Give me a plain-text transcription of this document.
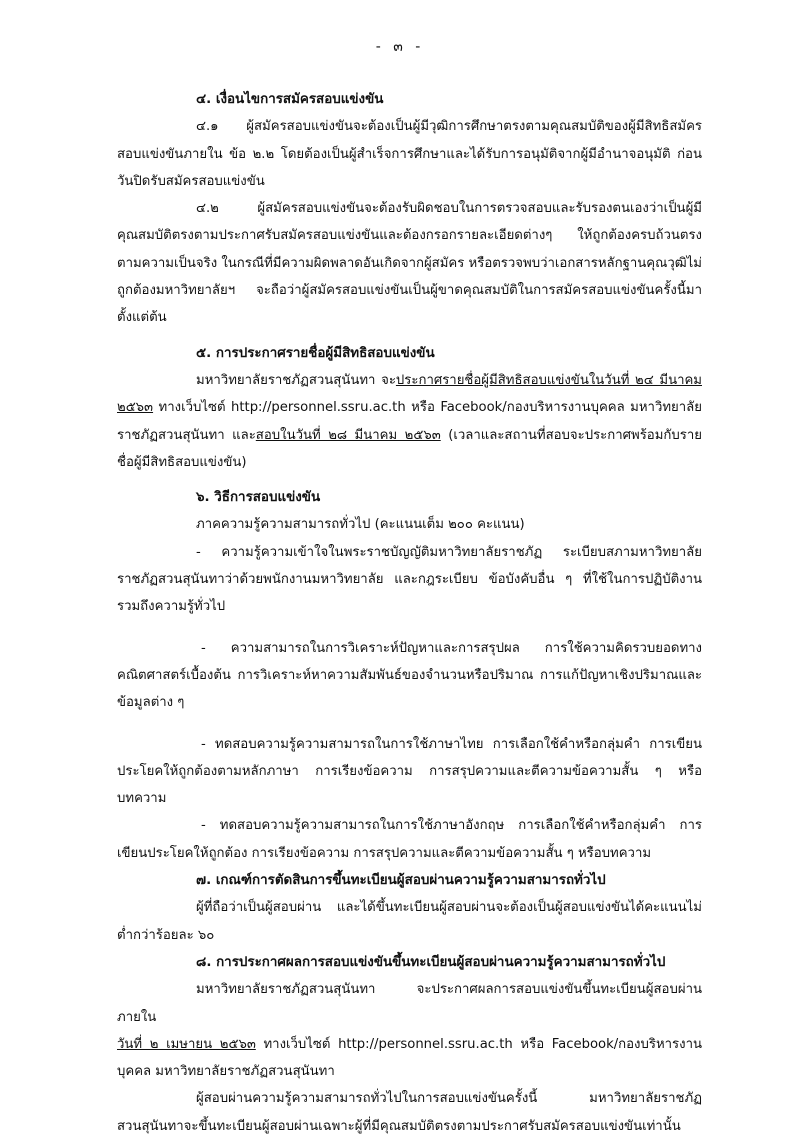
- ๓ -
๔. เงื่อนไขการสมัครสอบแข่งขัน

๔.๑ ผู้สมัครสอบแข่งขันจะต้องเป็นผู้มีวุฒิการศึกษาตรงตามคุณสมบัติของผู้มีสิทธิสมัครสอบแข่งขันภายใน ข้อ ๒.๒ โดยต้องเป็นผู้สำเร็จการศึกษาและได้รับการอนุมัติจากผู้มีอำนาจอนุมัติ ก่อนวันปิดรับสมัครสอบแข่งขัน

๔.๒ ผู้สมัครสอบแข่งขันจะต้องรับผิดชอบในการตรวจสอบและรับรองตนเองว่าเป็นผู้มีคุณสมบัติตรงตามประกาศรับสมัครสอบแข่งขันและต้องกรอกรายละเอียดต่างๆ ให้ถูกต้องครบถ้วนตรงตามความเป็นจริง ในกรณีที่มีความผิดพลาดอันเกิดจากผู้สมัคร หรือตรวจพบว่าเอกสารหลักฐานคุณวุฒิไม่ถูกต้องมหาวิทยาลัยฯ จะถือว่าผู้สมัครสอบแข่งขันเป็นผู้ขาดคุณสมบัติในการสมัครสอบแข่งขันครั้งนี้มาตั้งแต่ต้น

๕. การประกาศรายชื่อผู้มีสิทธิสอบแข่งขัน

มหาวิทยาลัยราชภัฏสวนสุนันทา จะประกาศรายชื่อผู้มีสิทธิสอบแข่งขันในวันที่ ๒๔ มีนาคม ๒๕๖๓ ทางเว็บไซต์ http://personnel.ssru.ac.th หรือ Facebook/กองบริหารงานบุคคล มหาวิทยาลัยราชภัฏสวนสุนันทา และสอบในวันที่ ๒๘ มีนาคม ๒๕๖๓ (เวลาและสถานที่สอบจะประกาศพร้อมกับรายชื่อผู้มีสิทธิสอบแข่งขัน)

๖. วิธีการสอบแข่งขัน

ภาคความรู้ความสามารถทั่วไป (คะแนนเต็ม ๒๐๐ คะแนน)

- ความรู้ความเข้าใจในพระราชบัญญัติมหาวิทยาลัยราชภัฏ ระเบียบสภามหาวิทยาลัยราชภัฏสวนสุนันทาว่าด้วยพนักงานมหาวิทยาลัย และกฎระเบียบ ข้อบังคับอื่น ๆ ที่ใช้ในการปฏิบัติงาน รวมถึงความรู้ทั่วไป

- ความสามารถในการวิเคราะห์ปัญหาและการสรุปผล การใช้ความคิดรวบยอดทางคณิตศาสตร์เบื้องต้น การวิเคราะห์หาความสัมพันธ์ของจำนวนหรือปริมาณ การแก้ปัญหาเชิงปริมาณและข้อมูลต่าง ๆ

- ทดสอบความรู้ความสามารถในการใช้ภาษาไทย การเลือกใช้คำหรือกลุ่มคำ การเขียนประโยคให้ถูกต้องตามหลักภาษา การเรียงข้อความ การสรุปความและตีความข้อความสั้น ๆ หรือบทความ

- ทดสอบความรู้ความสามารถในการใช้ภาษาอังกฤษ การเลือกใช้คำหรือกลุ่มคำ การเขียนประโยคให้ถูกต้อง การเรียงข้อความ การสรุปความและตีความข้อความสั้น ๆ หรือบทความ

๗. เกณฑ์การตัดสินการขึ้นทะเบียนผู้สอบผ่านความรู้ความสามารถทั่วไป

ผู้ที่ถือว่าเป็นผู้สอบผ่าน และได้ขึ้นทะเบียนผู้สอบผ่านจะต้องเป็นผู้สอบแข่งขันได้คะแนนไม่ต่ำกว่าร้อยละ ๖๐

๘. การประกาศผลการสอบแข่งขันขึ้นทะเบียนผู้สอบผ่านความรู้ความสามารถทั่วไป

มหาวิทยาลัยราชภัฏสวนสุนันทา จะประกาศผลการสอบแข่งขันขึ้นทะเบียนผู้สอบผ่าน ภายใน
วันที่ ๒ เมษายน ๒๕๖๓ ทางเว็บไซต์ http://personnel.ssru.ac.th หรือ Facebook/กองบริหารงานบุคคล มหาวิทยาลัยราชภัฏสวนสุนันทา

ผู้สอบผ่านความรู้ความสามารถทั่วไปในการสอบแข่งขันครั้งนี้ มหาวิทยาลัยราชภัฏสวนสุนันทาจะขึ้นทะเบียนผู้สอบผ่านเฉพาะผู้ที่มีคุณสมบัติตรงตามประกาศรับสมัครสอบแข่งขันเท่านั้น
